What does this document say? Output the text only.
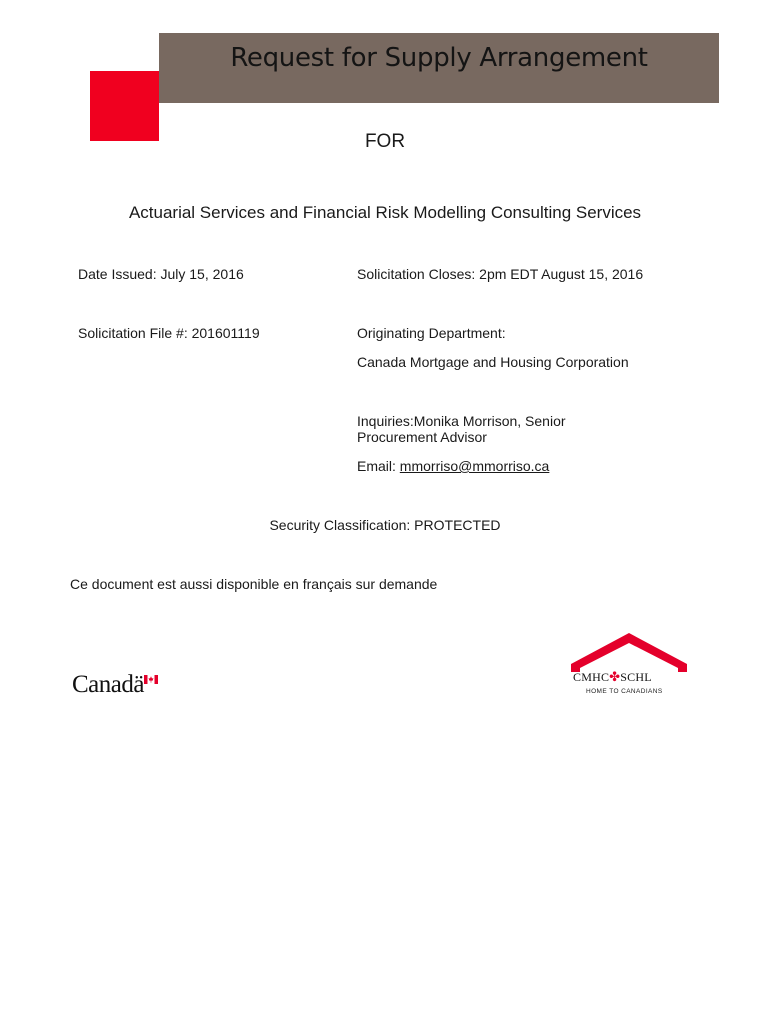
Request for Supply Arrangement
FOR
Actuarial Services and Financial Risk Modelling Consulting Services
Date Issued: July 15, 2016	Solicitation Closes: 2pm EDT August 15, 2016
Solicitation File #: 201601119	Originating Department:
Canada Mortgage and Housing Corporation
Inquiries:Monika Morrison, Senior
Procurement Advisor
Email: mmorriso@mmorriso.ca
Security Classification: PROTECTED
Ce document est aussi disponible en français sur demande
Canadä	CMHC✤SCHL
HOME TO CANADIANS
